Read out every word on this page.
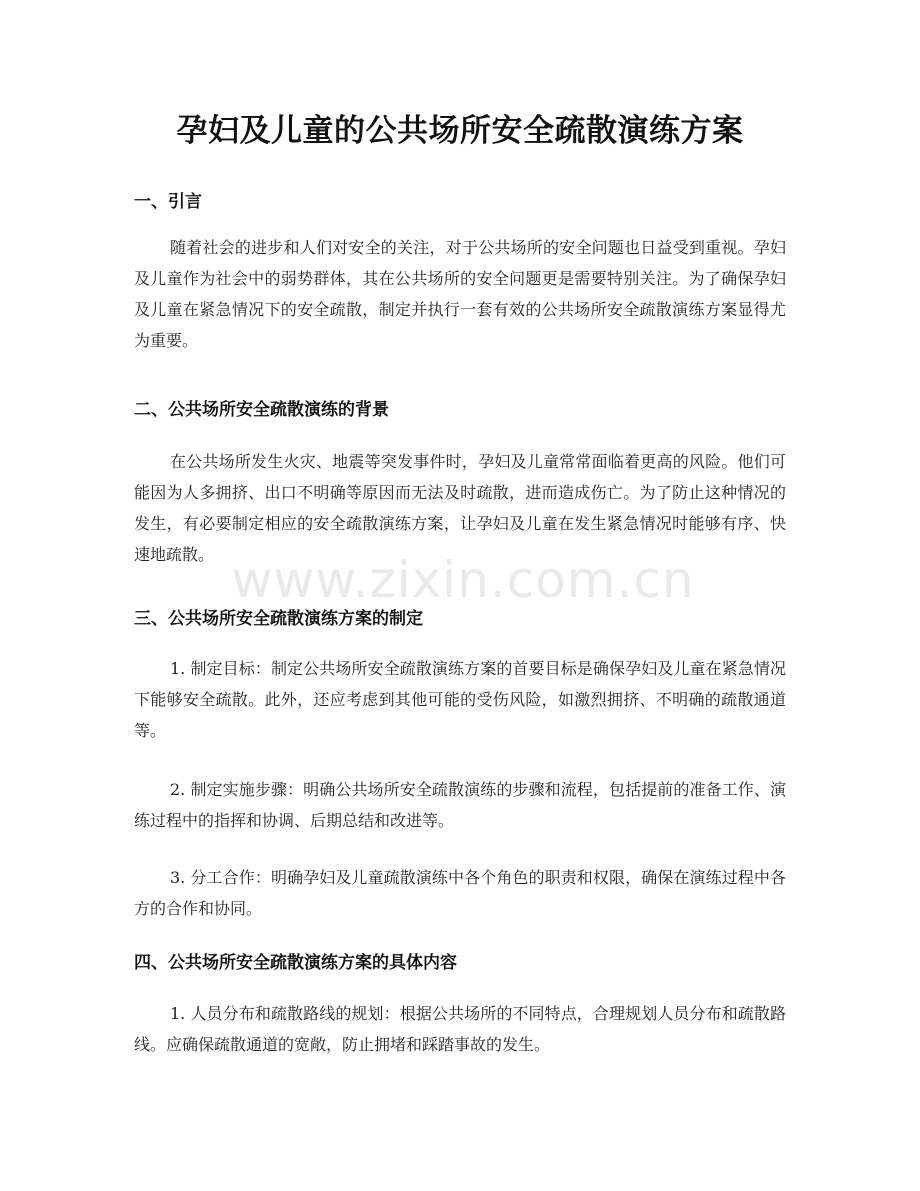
孕妇及儿童的公共场所安全疏散演练方案
一、引言

随着社会的进步和人们对安全的关注，对于公共场所的安全问题也日益受到重视。孕妇及儿童作为社会中的弱势群体，其在公共场所的安全问题更是需要特别关注。为了确保孕妇及儿童在紧急情况下的安全疏散，制定并执行一套有效的公共场所安全疏散演练方案显得尤为重要。

二、公共场所安全疏散演练的背景

在公共场所发生火灾、地震等突发事件时，孕妇及儿童常常面临着更高的风险。他们可能因为人多拥挤、出口不明确等原因而无法及时疏散，进而造成伤亡。为了防止这种情况的发生，有必要制定相应的安全疏散演练方案，让孕妇及儿童在发生紧急情况时能够有序、快速地疏散。

三、公共场所安全疏散演练方案的制定

1. 制定目标：制定公共场所安全疏散演练方案的首要目标是确保孕妇及儿童在紧急情况下能够安全疏散。此外，还应考虑到其他可能的受伤风险，如激烈拥挤、不明确的疏散通道等。

2. 制定实施步骤：明确公共场所安全疏散演练的步骤和流程，包括提前的准备工作、演练过程中的指挥和协调、后期总结和改进等。

3. 分工合作：明确孕妇及儿童疏散演练中各个角色的职责和权限，确保在演练过程中各方的合作和协同。

四、公共场所安全疏散演练方案的具体内容

1. 人员分布和疏散路线的规划：根据公共场所的不同特点，合理规划人员分布和疏散路线。应确保疏散通道的宽敞，防止拥堵和踩踏事故的发生。

www.zixin.com.cn
